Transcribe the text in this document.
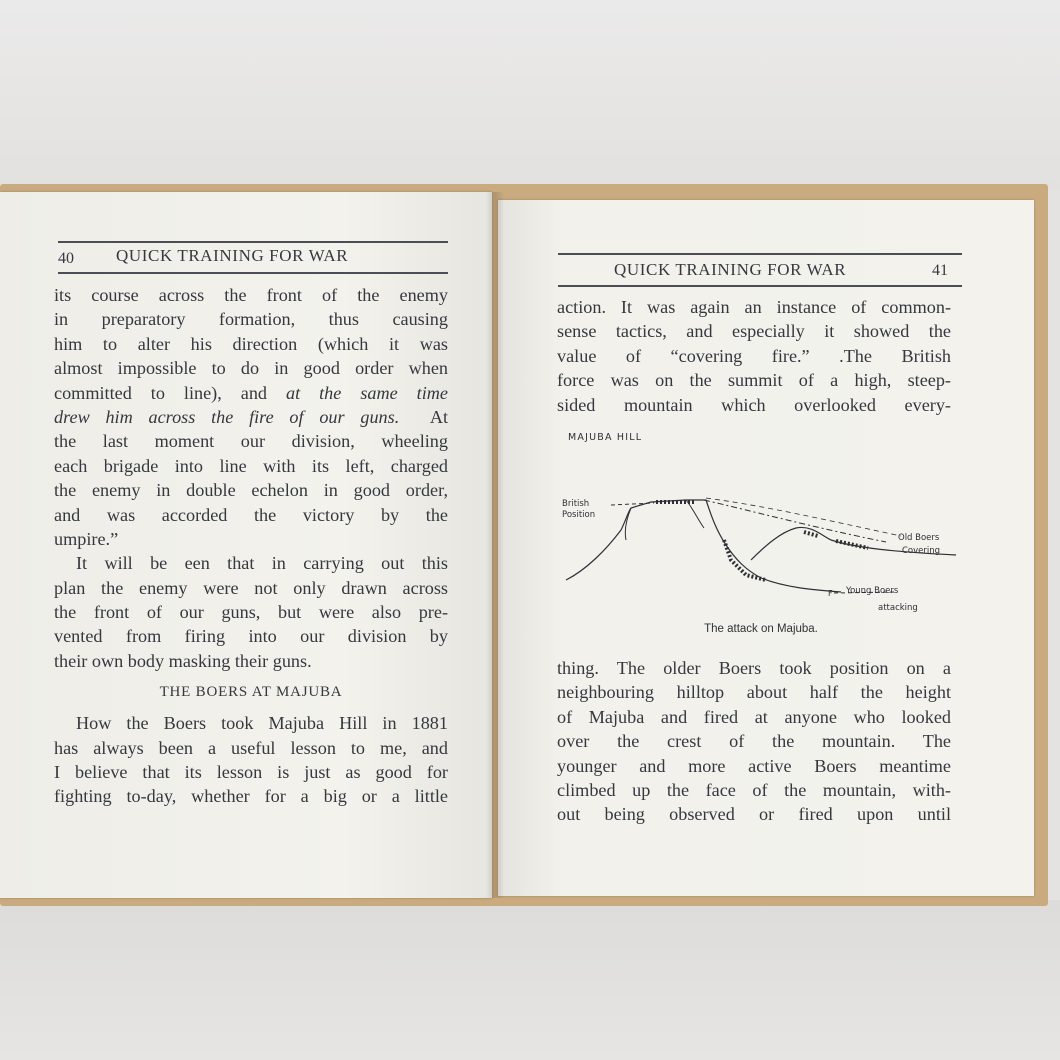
40 QUICK TRAINING FOR WAR
its course across the front of the enemy
in preparatory formation, thus causing
him to alter his direction (which it was
almost impossible to do in good order when
committed to line), and at the same time
drew him across the fire of our guns. At
the last moment our division, wheeling
each brigade into line with its left, charged
the enemy in double echelon in good order,
and was accorded the victory by the
umpire.”
It will be een that in carrying out this
plan the enemy were not only drawn across
the front of our guns, but were also pre-
vented from firing into our division by
their own body masking their guns.
THE BOERS AT MAJUBA
How the Boers took Majuba Hill in 1881
has always been a useful lesson to me, and
I believe that its lesson is just as good for
fighting to-day, whether for a big or a little
QUICK TRAINING FOR WAR	41
action. It was again an instance of common-
sense tactics, and especially it showed the
value of “covering fire.” .The British
force was on the summit of a high, steep-
sided mountain which overlooked every-
MAJUBA HILL
British
Position
Old Boers
Covering
F Young Boers
attacking
The attack on Majuba.
thing. The older Boers took position on a
neighbouring hilltop about half the height
of Majuba and fired at anyone who looked
over the crest of the mountain. The
younger and more active Boers meantime
climbed up the face of the mountain, with-
out being observed or fired upon until
